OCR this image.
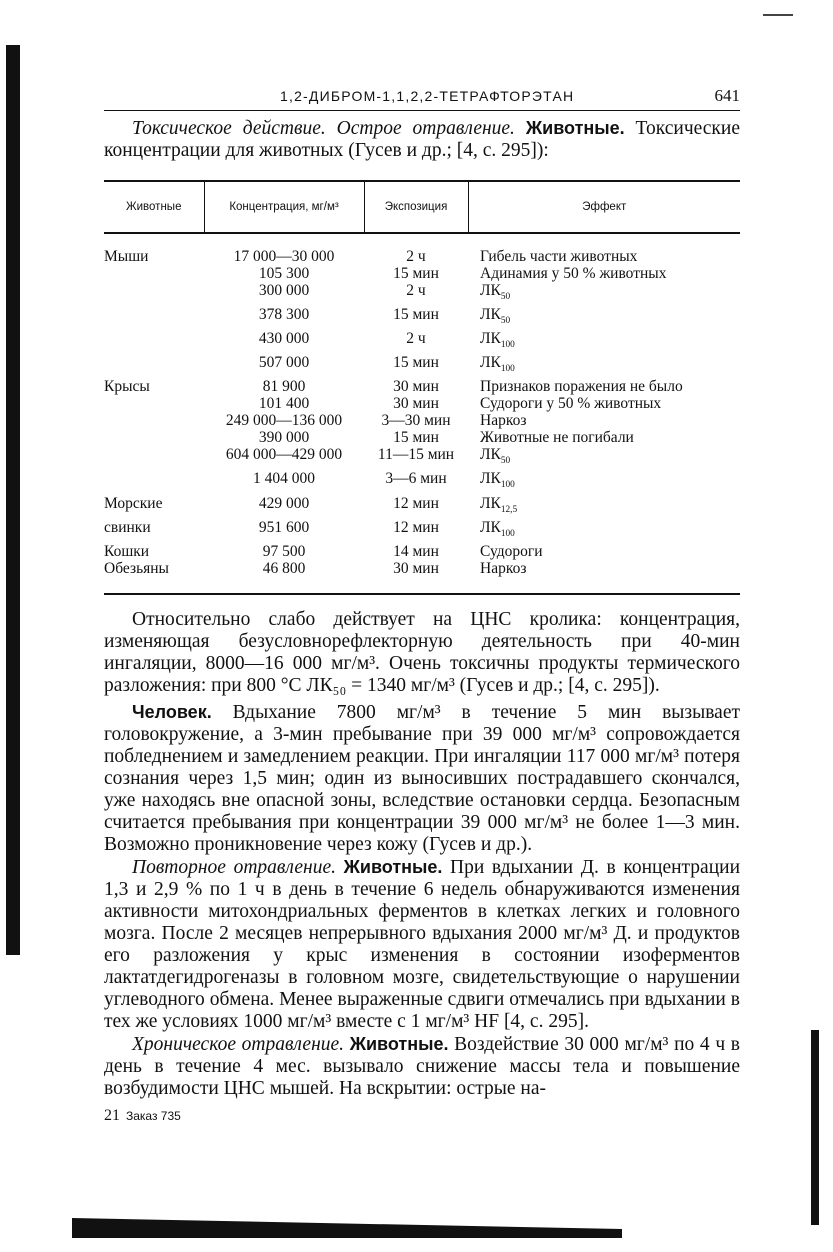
1,2-ДИБРОМ-1,1,2,2-ТЕТРАФТОРЭТАН	641

Токсическое действие. Острое отравление. Животные. Токсические концентрации для животных (Гусев и др.; [4, с. 295]):

Животные	Концентрация, мг/м³	Экспозиция	Эффект
Мыши	17 000—30 000	2 ч	Гибель части животных
	105 300	15 мин	Адинамия у 50 % животных
	300 000	2 ч	$ЛК_{50}$
	378 300	15 мин	$ЛК_{50}$
	430 000	2 ч	$ЛК_{100}$
	507 000	15 мин	$ЛК_{100}$
Крысы	81 900	30 мин	Признаков поражения не было
	101 400	30 мин	Судороги у 50 % животных
	249 000—136 000	3—30 мин	Наркоз
	390 000	15 мин	Животные не погибали
	604 000—429 000	11—15 мин	$ЛК_{50}$
	1 404 000	3—6 мин	$ЛК_{100}$
Морские	429 000	12 мин	$ЛК_{12,5}$
свинки	951 600	12 мин	$ЛК_{100}$
Кошки	97 500	14 мин	Судороги
Обезьяны	46 800	30 мин	Наркоз

Относительно слабо действует на ЦНС кролика: концентрация, изменяющая безусловнорефлекторную деятельность при 40-мин ингаляции, 8000—16 000 мг/м³. Очень токсичны продукты термического разложения: при 800 °С ЛК₅₀ = 1340 мг/м³ (Гусев и др.; [4, с. 295]).

Человек. Вдыхание 7800 мг/м³ в течение 5 мин вызывает головокружение, а 3-мин пребывание при 39 000 мг/м³ сопровождается побледнением и замедлением реакции. При ингаляции 117 000 мг/м³ потеря сознания через 1,5 мин; один из выносивших пострадавшего скончался, уже находясь вне опасной зоны, вследствие остановки сердца. Безопасным считается пребывания при концентрации 39 000 мг/м³ не более 1—3 мин. Возможно проникновение через кожу (Гусев и др.).

Повторное отравление. Животные. При вдыхании Д. в концентрации 1,3 и 2,9 % по 1 ч в день в течение 6 недель обнаруживаются изменения активности митохондриальных ферментов в клетках легких и головного мозга. После 2 месяцев непрерывного вдыхания 2000 мг/м³ Д. и продуктов его разложения у крыс изменения в состоянии изоферментов лактатдегидрогеназы в головном мозге, свидетельствующие о нарушении углеводного обмена. Менее выраженные сдвиги отмечались при вдыхании в тех же условиях 1000 мг/м³ вместе с 1 мг/м³ HF [4, с. 295].

Хроническое отравление. Животные. Воздействие 30 000 мг/м³ по 4 ч в день в течение 4 мес. вызывало снижение массы тела и повышение возбудимости ЦНС мышей. На вскрытии: острые на-

21 Заказ 735
